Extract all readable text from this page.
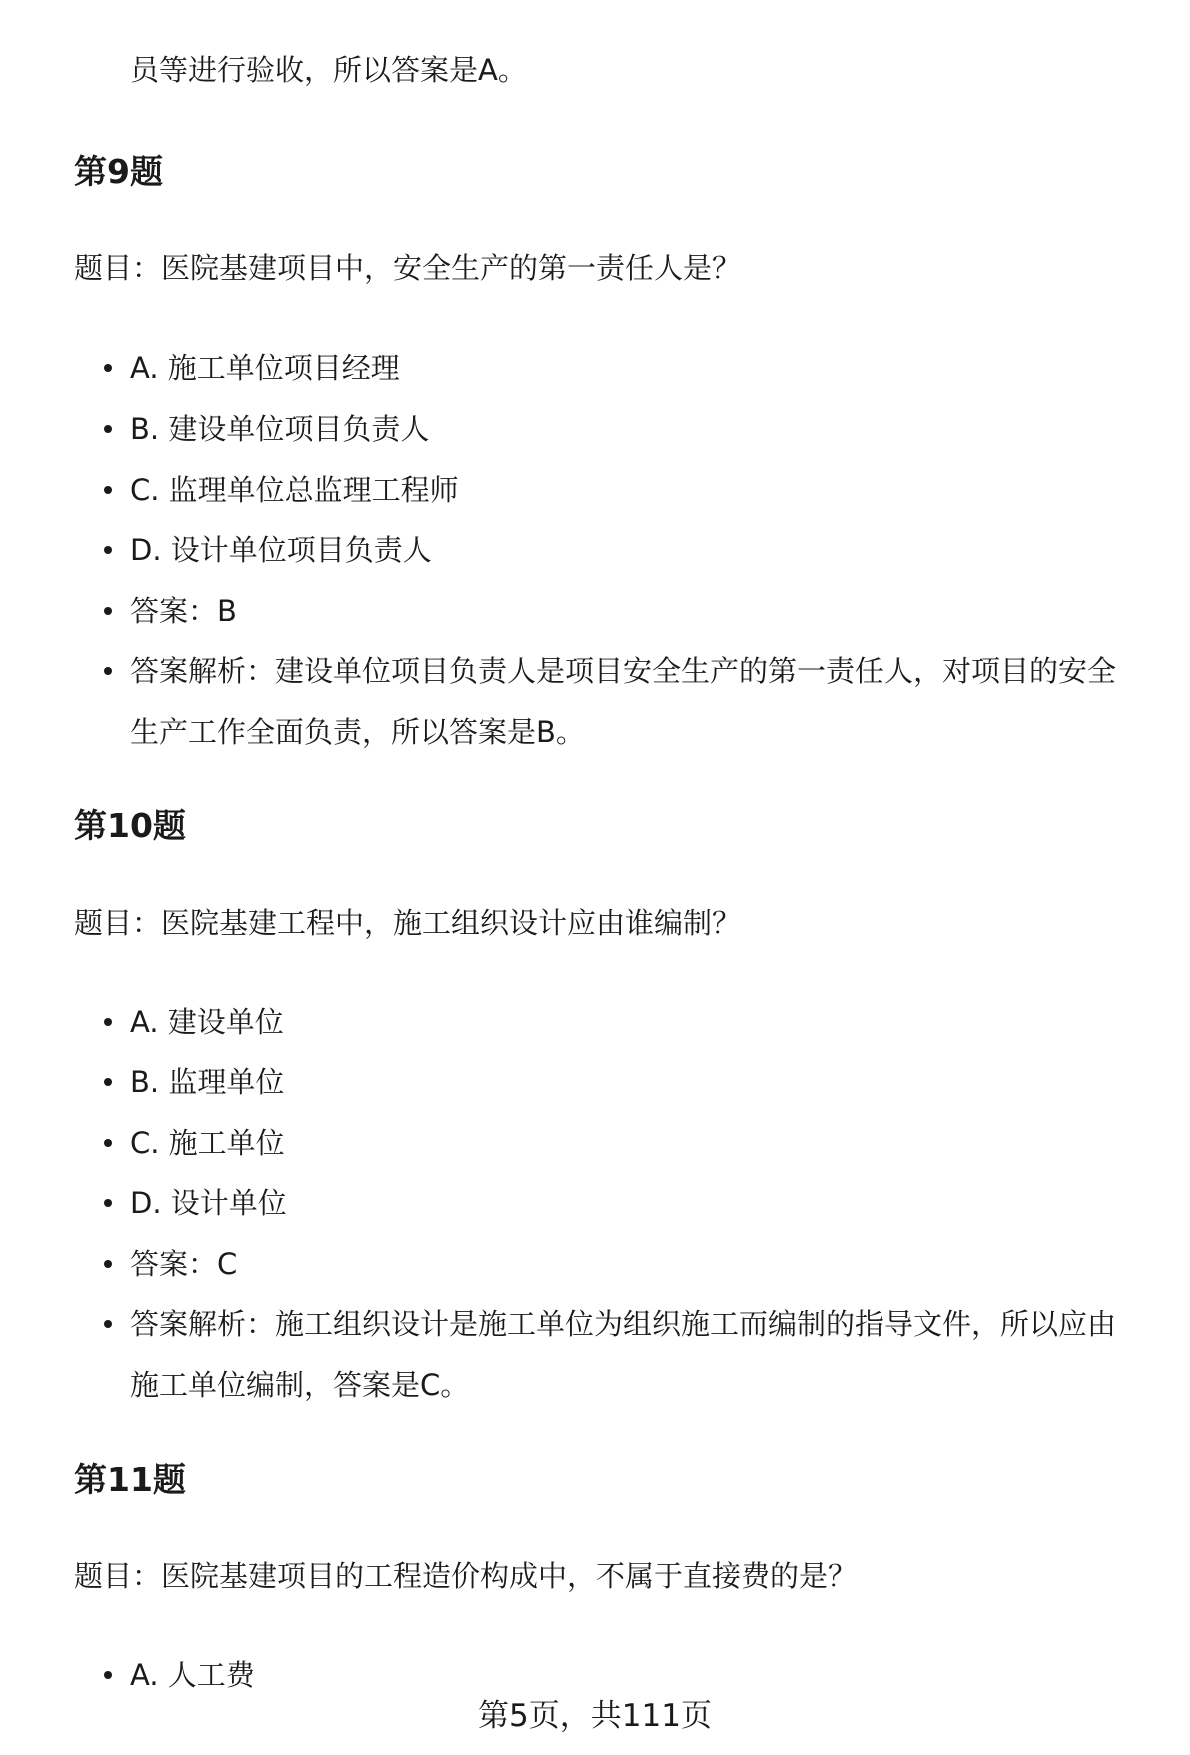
员等进行验收，所以答案是A。
第9题
题目：医院基建项目中，安全生产的第一责任人是？
A. 施工单位项目经理
B. 建设单位项目负责人
C. 监理单位总监理工程师
D. 设计单位项目负责人
答案：B
答案解析：建设单位项目负责人是项目安全生产的第一责任人，对项目的安全
生产工作全面负责，所以答案是B。
第10题
题目：医院基建工程中，施工组织设计应由谁编制？
A. 建设单位
B. 监理单位
C. 施工单位
D. 设计单位
答案：C
答案解析：施工组织设计是施工单位为组织施工而编制的指导文件，所以应由
施工单位编制，答案是C。
第11题
题目：医院基建项目的工程造价构成中，不属于直接费的是？
A. 人工费
第5页，共111页
